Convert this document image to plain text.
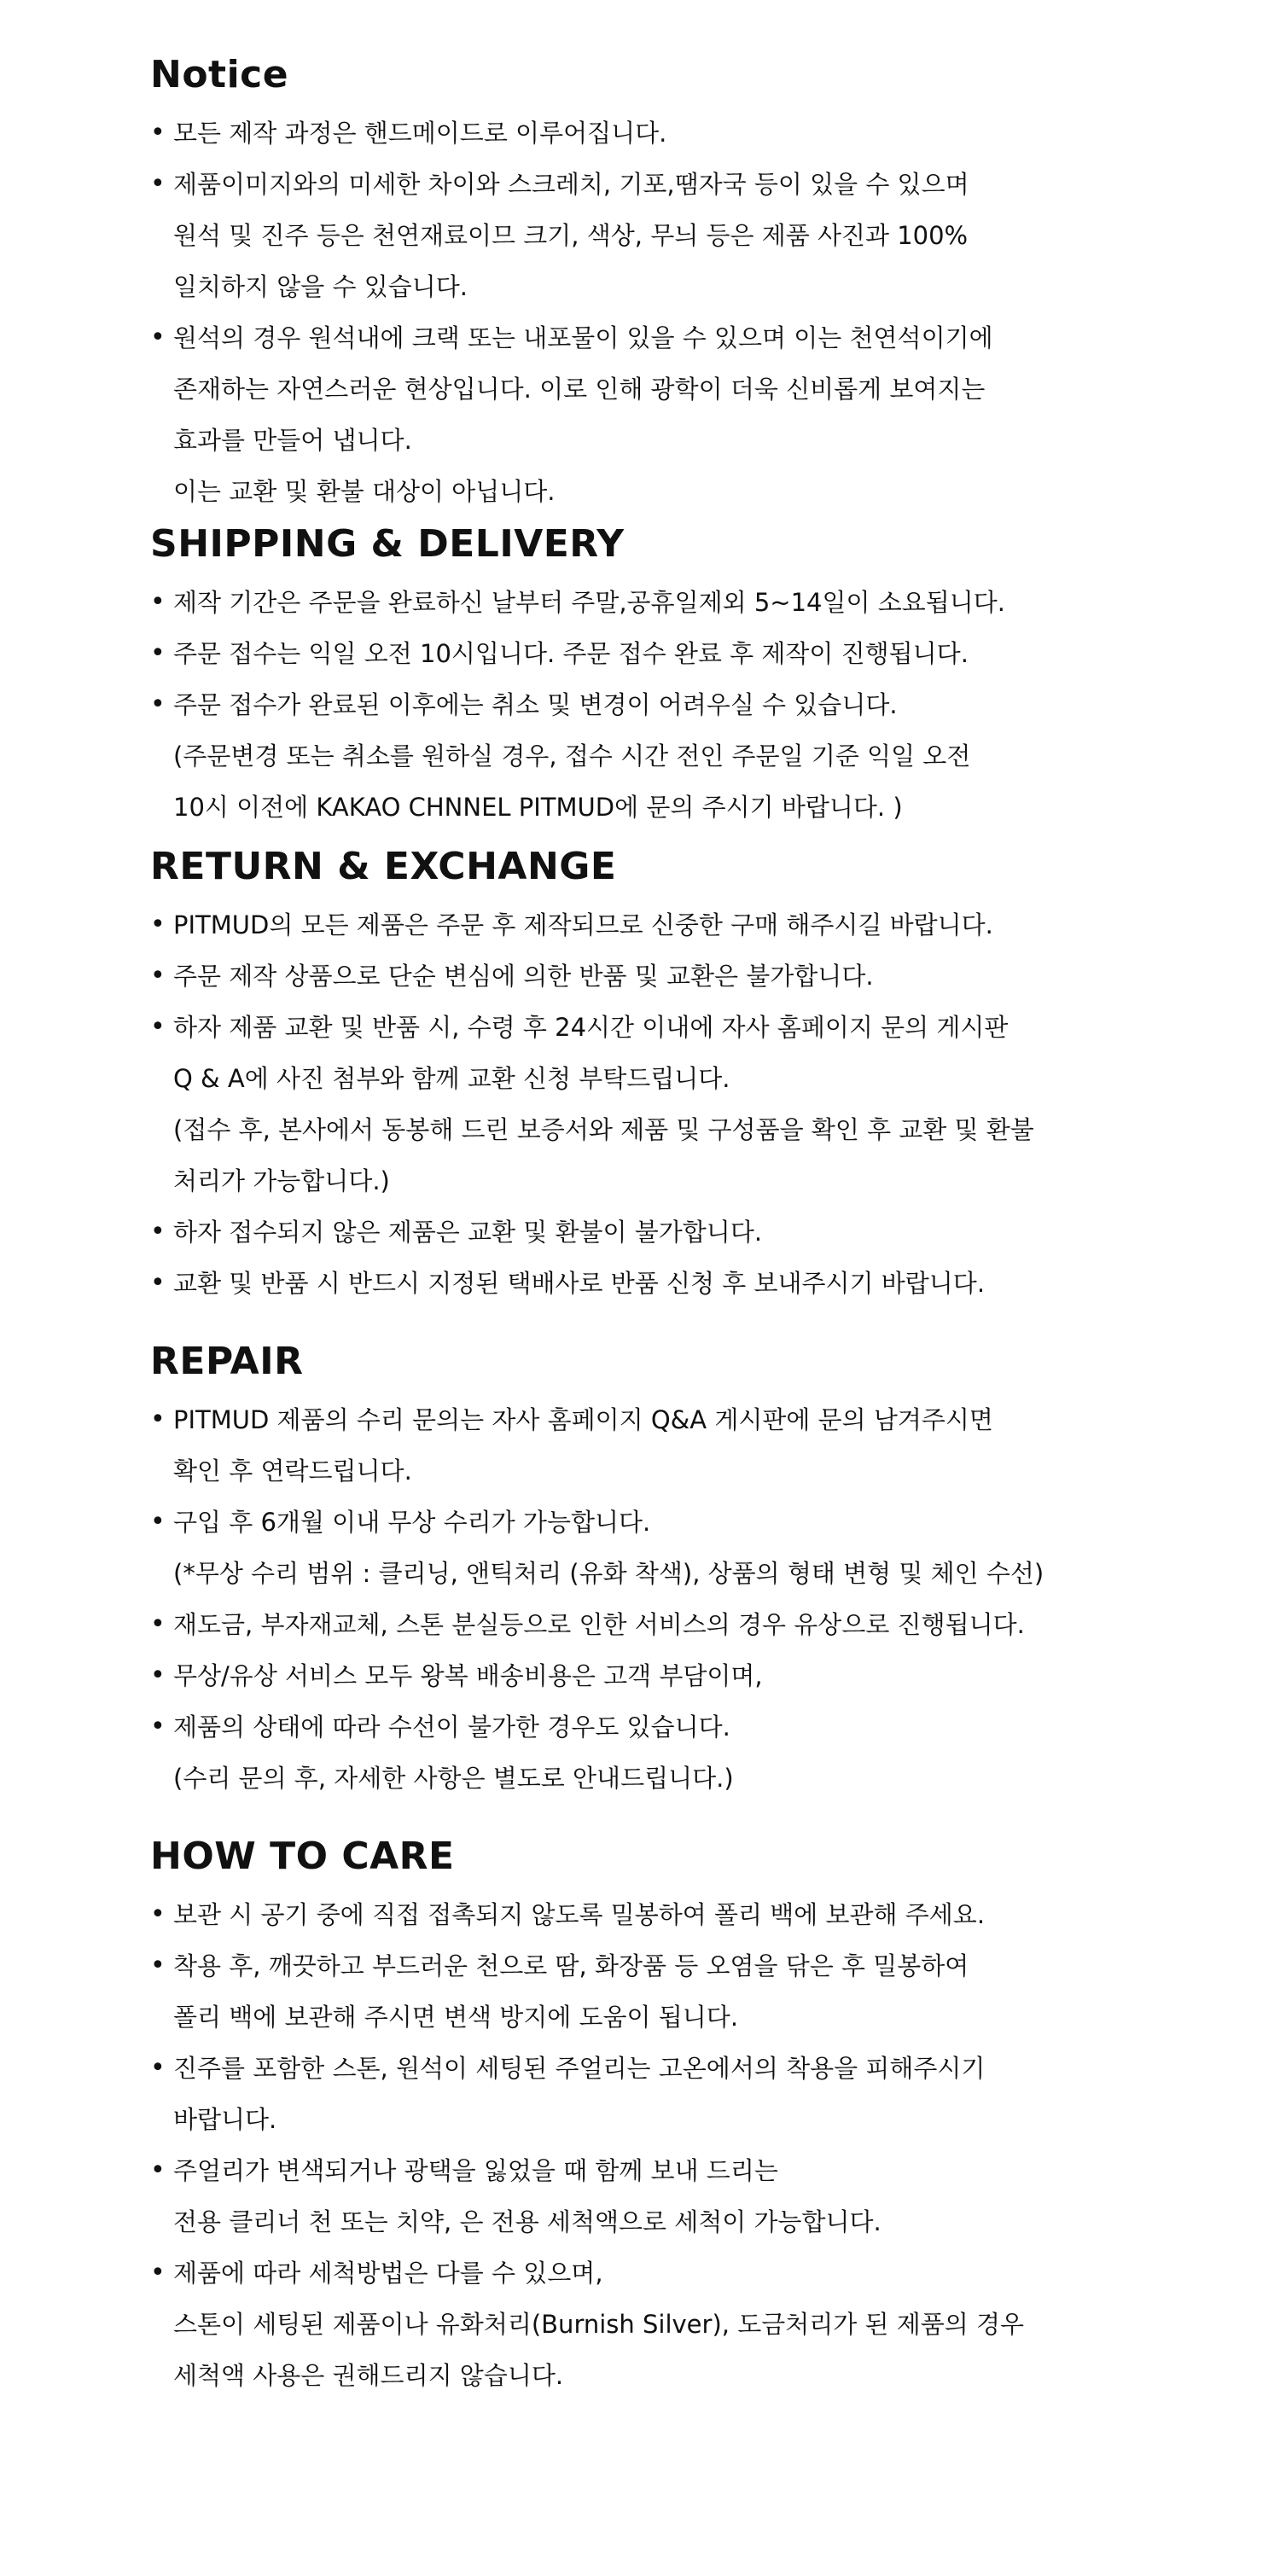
Notice
• 모든 제작 과정은 핸드메이드로 이루어집니다.
• 제품이미지와의 미세한 차이와 스크레치, 기포,땜자국 등이 있을 수 있으며
원석 및 진주 등은 천연재료이므 크기, 색상, 무늬 등은 제품 사진과 100%
일치하지 않을 수 있습니다.
• 원석의 경우 원석내에 크랙 또는 내포물이 있을 수 있으며 이는 천연석이기에
존재하는 자연스러운 현상입니다. 이로 인해 광학이 더욱 신비롭게 보여지는
효과를 만들어 냅니다.
이는 교환 및 환불 대상이 아닙니다.
SHIPPING & DELIVERY
• 제작 기간은 주문을 완료하신 날부터 주말,공휴일제외 5~14일이 소요됩니다.
• 주문 접수는 익일 오전 10시입니다. 주문 접수 완료 후 제작이 진행됩니다.
• 주문 접수가 완료된 이후에는 취소 및 변경이 어려우실 수 있습니다.
(주문변경 또는 취소를 원하실 경우, 접수 시간 전인 주문일 기준 익일 오전
10시 이전에 KAKAO CHNNEL PITMUD에 문의 주시기 바랍니다. )
RETURN & EXCHANGE
• PITMUD의 모든 제품은 주문 후 제작되므로 신중한 구매 해주시길 바랍니다.
• 주문 제작 상품으로 단순 변심에 의한 반품 및 교환은 불가합니다.
• 하자 제품 교환 및 반품 시, 수령 후 24시간 이내에 자사 홈페이지 문의 게시판
Q & A에 사진 첨부와 함께 교환 신청 부탁드립니다.
(접수 후, 본사에서 동봉해 드린 보증서와 제품 및 구성품을 확인 후 교환 및 환불
처리가 가능합니다.)
• 하자 접수되지 않은 제품은 교환 및 환불이 불가합니다.
• 교환 및 반품 시 반드시 지정된 택배사로 반품 신청 후 보내주시기 바랍니다.
REPAIR
• PITMUD 제품의 수리 문의는 자사 홈페이지 Q&A 게시판에 문의 남겨주시면
확인 후 연락드립니다.
• 구입 후 6개월 이내 무상 수리가 가능합니다.
(*무상 수리 범위 : 클리닝, 앤틱처리 (유화 착색), 상품의 형태 변형 및 체인 수선)
• 재도금, 부자재교체, 스톤 분실등으로 인한 서비스의 경우 유상으로 진행됩니다.
• 무상/유상 서비스 모두 왕복 배송비용은 고객 부담이며,
• 제품의 상태에 따라 수선이 불가한 경우도 있습니다.
(수리 문의 후, 자세한 사항은 별도로 안내드립니다.)
HOW TO CARE
• 보관 시 공기 중에 직접 접촉되지 않도록 밀봉하여 폴리 백에 보관해 주세요.
• 착용 후, 깨끗하고 부드러운 천으로 땀, 화장품 등 오염을 닦은 후 밀봉하여
폴리 백에 보관해 주시면 변색 방지에 도움이 됩니다.
• 진주를 포함한 스톤, 원석이 세팅된 주얼리는 고온에서의 착용을 피해주시기
바랍니다.
• 주얼리가 변색되거나 광택을 잃었을 때 함께 보내 드리는
전용 클리너 천 또는 치약, 은 전용 세척액으로 세척이 가능합니다.
• 제품에 따라 세척방법은 다를 수 있으며,
스톤이 세팅된 제품이나 유화처리(Burnish Silver), 도금처리가 된 제품의 경우
세척액 사용은 권해드리지 않습니다.
